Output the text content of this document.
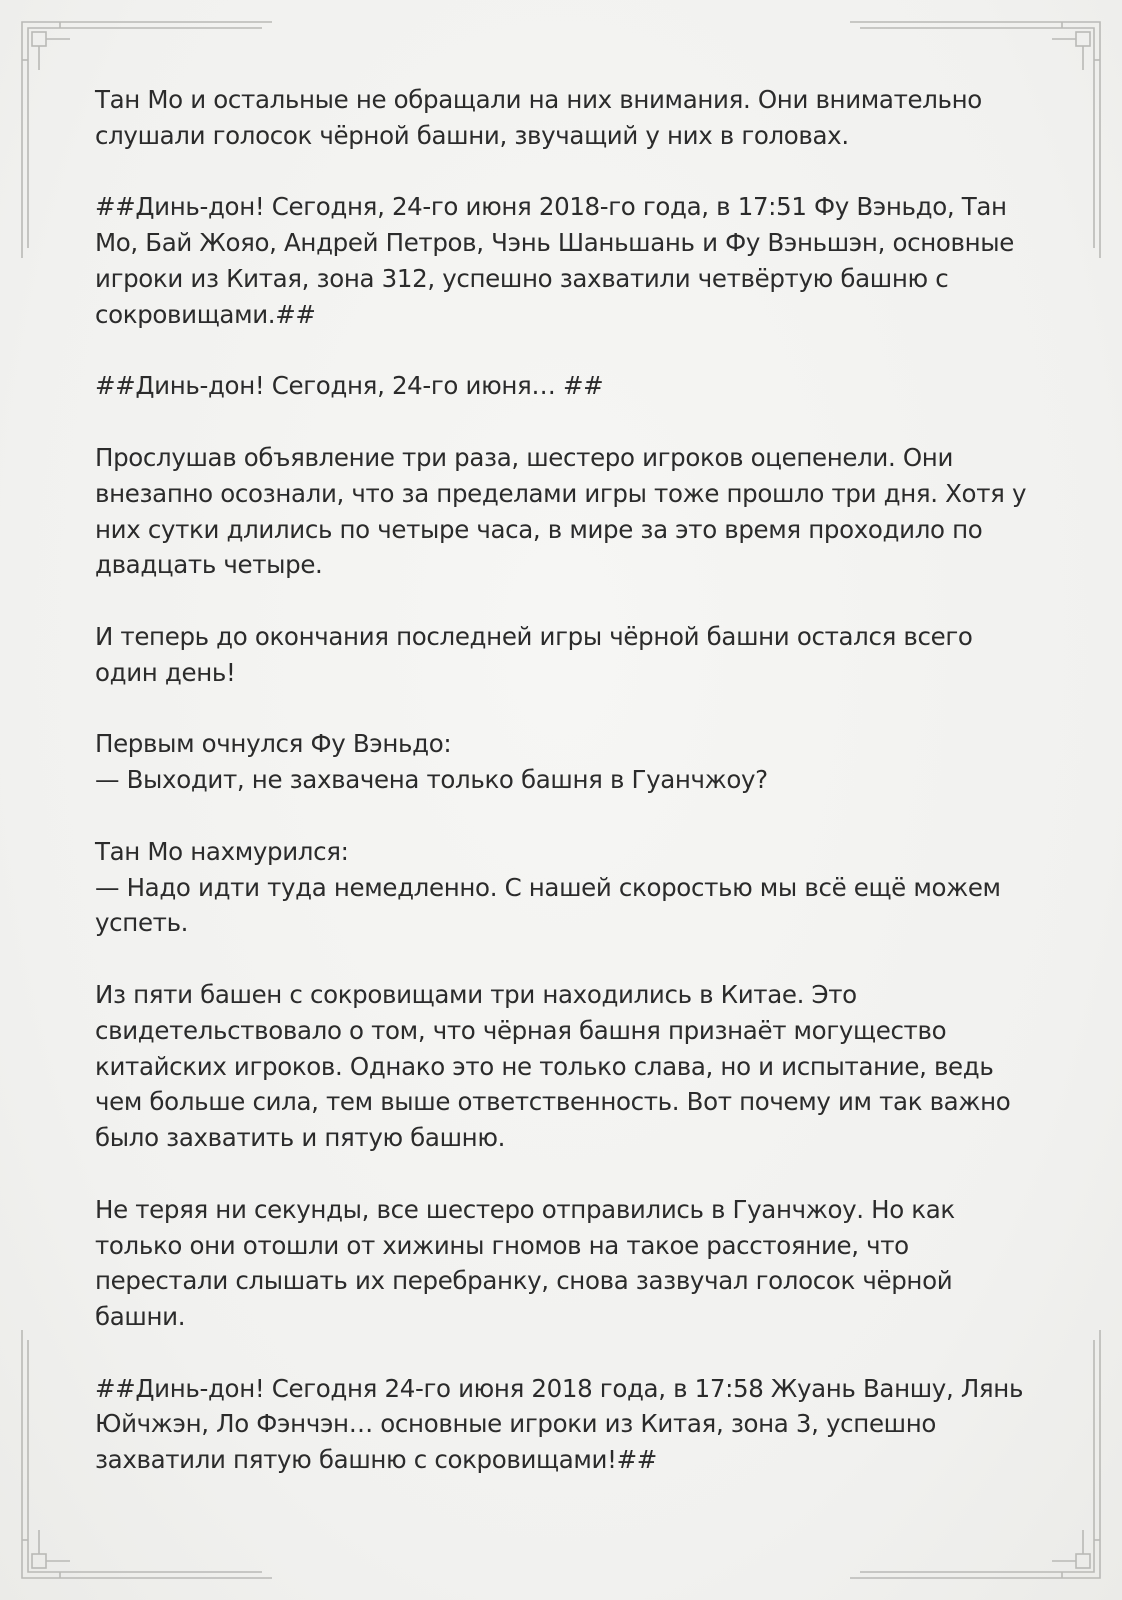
Тан Мо и остальные не обращали на них внимания. Они внимательно слушали голосок чёрной башни, звучащий у них в головах.

##Динь-дон! Сегодня, 24-го июня 2018-го года, в 17:51 Фу Вэньдо, Тан Мо, Бай Жояо, Андрей Петров, Чэнь Шаньшань и Фу Вэньшэн, основные игроки из Китая, зона 312, успешно захватили четвёртую башню с сокровищами.##

##Динь-дон! Сегодня, 24-го июня… ##

Прослушав объявление три раза, шестеро игроков оцепенели. Они внезапно осознали, что за пределами игры тоже прошло три дня. Хотя у них сутки длились по четыре часа, в мире за это время проходило по двадцать четыре.

И теперь до окончания последней игры чёрной башни остался всего один день!

Первым очнулся Фу Вэньдо:
— Выходит, не захвачена только башня в Гуанчжоу?

Тан Мо нахмурился:
— Надо идти туда немедленно. С нашей скоростью мы всё ещё можем успеть.

Из пяти башен с сокровищами три находились в Китае. Это свидетельствовало о том, что чёрная башня признаёт могущество китайских игроков. Однако это не только слава, но и испытание, ведь чем больше сила, тем выше ответственность. Вот почему им так важно было захватить и пятую башню.

Не теряя ни секунды, все шестеро отправились в Гуанчжоу. Но как только они отошли от хижины гномов на такое расстояние, что перестали слышать их перебранку, снова зазвучал голосок чёрной башни.

##Динь-дон! Сегодня 24-го июня 2018 года, в 17:58 Жуань Ваншу, Лянь Юйчжэн, Ло Фэнчэн… основные игроки из Китая, зона 3, успешно захватили пятую башню с сокровищами!##
